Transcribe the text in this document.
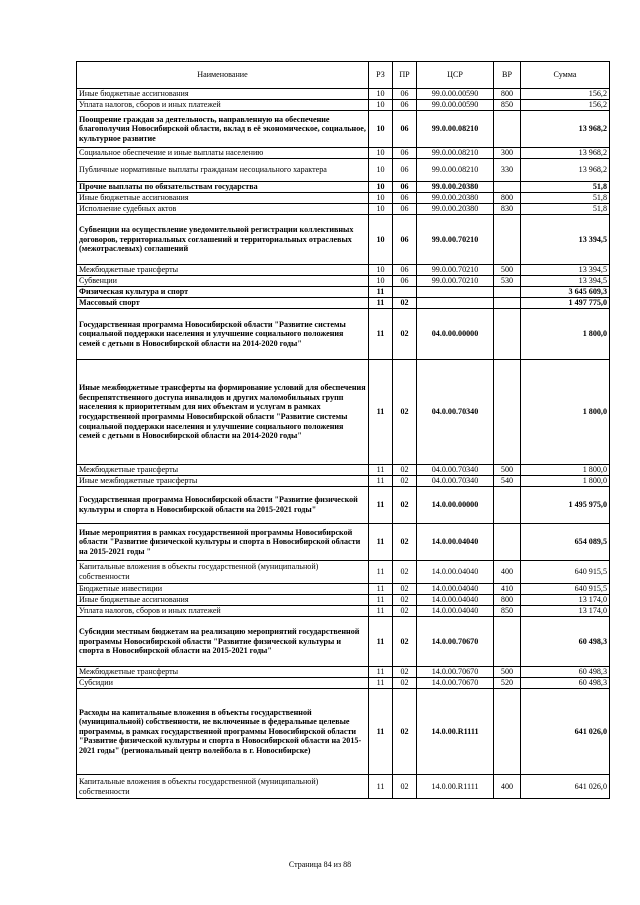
Наименование	РЗ	ПР	ЦСР	ВР	Сумма
Иные бюджетные ассигнования	10	06	99.0.00.00590	800	156,2
Уплата налогов, сборов и иных платежей	10	06	99.0.00.00590	850	156,2
Поощрение граждан за деятельность, направленную на обеспечение благополучия Новосибирской области, вклад в её экономическое, социальное, культурное развитие	10	06	99.0.00.08210		13 968,2
Социальное обеспечение и иные выплаты населению	10	06	99.0.00.08210	300	13 968,2
Публичные нормативные выплаты гражданам несоциального характера	10	06	99.0.00.08210	330	13 968,2
Прочие выплаты по обязательствам государства	10	06	99.0.00.20380		51,8
Иные бюджетные ассигнования	10	06	99.0.00.20380	800	51,8
Исполнение судебных актов	10	06	99.0.00.20380	830	51,8
Субвенции на осуществление уведомительной регистрации коллективных договоров, территориальных соглашений и территориальных отраслевых (межотраслевых) соглашений	10	06	99.0.00.70210		13 394,5
Межбюджетные трансферты	10	06	99.0.00.70210	500	13 394,5
Субвенции	10	06	99.0.00.70210	530	13 394,5
Физическая культура и спорт	11				3 645 609,3
Массовый спорт	11	02			1 497 775,0
Государственная программа Новосибирской области "Развитие системы социальной поддержки населения и улучшение социального положения семей с детьми в Новосибирской области на 2014-2020 годы"	11	02	04.0.00.00000		1 800,0
Иные межбюджетные трансферты на формирование условий для обеспечения беспрепятственного доступа инвалидов и других маломобильных групп населения к приоритетным для них объектам и услугам в рамках государственной программы Новосибирской области "Развитие системы социальной поддержки населения и улучшение социального положения семей с детьми в Новосибирской области на 2014-2020 годы"	11	02	04.0.00.70340		1 800,0
Межбюджетные трансферты	11	02	04.0.00.70340	500	1 800,0
Иные межбюджетные трансферты	11	02	04.0.00.70340	540	1 800,0
Государственная программа Новосибирской области "Развитие физической культуры и спорта в Новосибирской области на 2015-2021 годы"	11	02	14.0.00.00000		1 495 975,0
Иные мероприятия в рамках государственной программы Новосибирской области "Развитие физической культуры и спорта в Новосибирской области на 2015-2021 годы "	11	02	14.0.00.04040		654 089,5
Капитальные вложения в объекты государственной (муниципальной) собственности	11	02	14.0.00.04040	400	640 915,5
Бюджетные инвестиции	11	02	14.0.00.04040	410	640 915,5
Иные бюджетные ассигнования	11	02	14.0.00.04040	800	13 174,0
Уплата налогов, сборов и иных платежей	11	02	14.0.00.04040	850	13 174,0
Субсидии местным бюджетам на реализацию мероприятий государственной программы Новосибирской области "Развитие физической культуры и спорта в Новосибирской области на 2015-2021 годы"	11	02	14.0.00.70670		60 498,3
Межбюджетные трансферты	11	02	14.0.00.70670	500	60 498,3
Субсидии	11	02	14.0.00.70670	520	60 498,3
Расходы на капитальные вложения в объекты государственной (муниципальной) собственности, не включенные в федеральные целевые программы, в рамках государственной программы Новосибирской области "Развитие физической культуры и спорта в Новосибирской области на 2015-2021 годы" (региональный центр волейбола в г. Новосибирске)	11	02	14.0.00.R1111		641 026,0
Капитальные вложения в объекты государственной (муниципальной) собственности	11	02	14.0.00.R1111	400	641 026,0
Страница 84 из 88
